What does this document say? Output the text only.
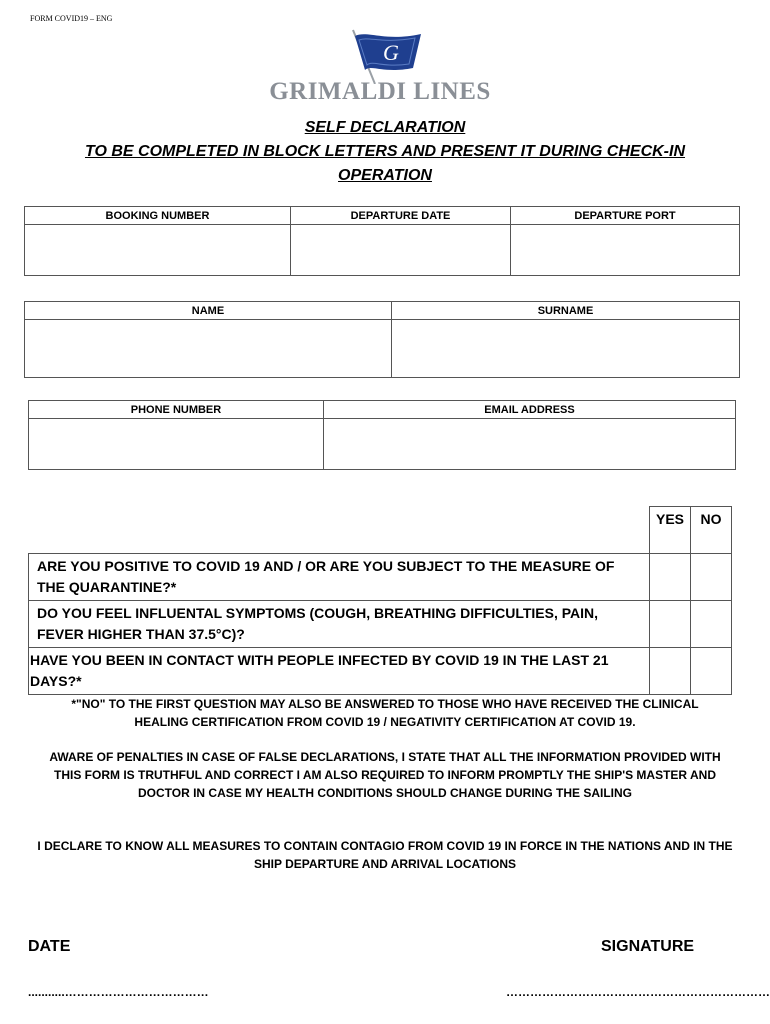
FORM COVID19 – ENG
G
GRIMALDI LINES
SELF DECLARATION
TO BE COMPLETED IN BLOCK LETTERS AND PRESENT IT DURING CHECK-IN
OPERATION
BOOKING NUMBER	DEPARTURE DATE	DEPARTURE PORT

NAME	SURNAME

PHONE NUMBER	EMAIL ADDRESS

	YES	NO
ARE YOU POSITIVE TO COVID 19 AND / OR ARE YOU SUBJECT TO THE MEASURE OF THE QUARANTINE?*		
DO YOU FEEL INFLUENTAL SYMPTOMS (COUGH, BREATHING DIFFICULTIES, PAIN, FEVER HIGHER THAN 37.5°C)?		
HAVE YOU BEEN IN CONTACT WITH PEOPLE INFECTED BY COVID 19 IN THE LAST 21 DAYS?*		
*"NO" TO THE FIRST QUESTION MAY ALSO BE ANSWERED TO THOSE WHO HAVE RECEIVED THE CLINICAL HEALING CERTIFICATION FROM COVID 19 / NEGATIVITY CERTIFICATION AT COVID 19.
AWARE OF PENALTIES IN CASE OF FALSE DECLARATIONS, I STATE THAT ALL THE INFORMATION PROVIDED WITH THIS FORM IS TRUTHFUL AND CORRECT I AM ALSO REQUIRED TO INFORM PROMPTLY THE SHIP'S MASTER AND DOCTOR IN CASE MY HEALTH CONDITIONS SHOULD CHANGE DURING THE SAILING
I DECLARE TO KNOW ALL MEASURES TO CONTAIN CONTAGIO FROM COVID 19 IN FORCE IN THE NATIONS AND IN THE SHIP DEPARTURE AND ARRIVAL LOCATIONS
DATE	SIGNATURE
...........………………………………	…………………………………………………………
